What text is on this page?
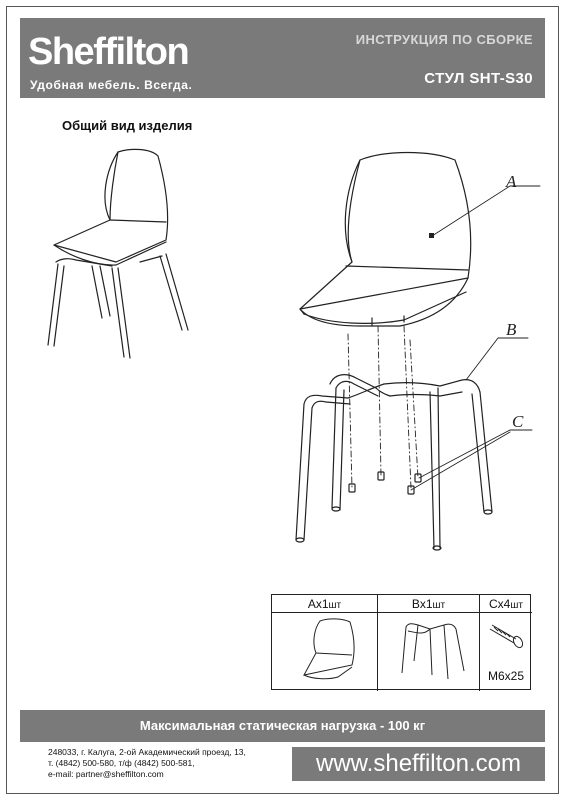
Sheffilton
Удобная мебель. Всегда.
ИНСТРУКЦИЯ ПО СБОРКЕ
СТУЛ SHT-S30
Общий вид изделия
A
B
C
Ax1шт	Bx1шт	Cx4шт
M6x25
Максимальная статическая нагрузка - 100 кг
248033, г. Калуга, 2-ой Академический проезд, 13,
т. (4842) 500-580, т/ф (4842) 500-581,
e-mail: partner@sheffilton.com	www.sheffilton.com
